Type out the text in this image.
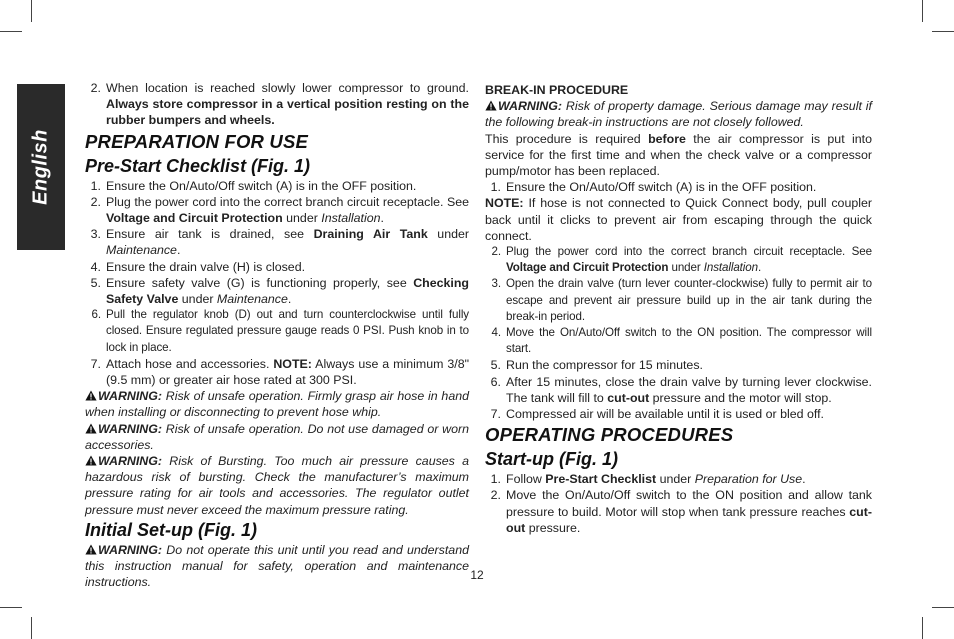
English
2. When location is reached slowly lower compressor to ground. Always store compressor in a vertical position resting on the rubber bumpers and wheels.
PREPARATION FOR USE
Pre-Start Checklist (Fig. 1)
1. Ensure the On/Auto/Off switch (A) is in the OFF position.
2. Plug the power cord into the correct branch circuit receptacle. See Voltage and Circuit Protection under Installation.
3. Ensure air tank is drained, see Draining Air Tank under Maintenance.
4. Ensure the drain valve (H) is closed.
5. Ensure safety valve (G) is functioning properly, see Checking Safety Valve under Maintenance.
6. Pull the regulator knob (D) out and turn counterclockwise until fully closed. Ensure regulated pressure gauge reads 0 PSI. Push knob in to lock in place.
7. Attach hose and accessories. NOTE: Always use a minimum 3/8" (9.5 mm) or greater air hose rated at 300 PSI.

WARNING: Risk of unsafe operation. Firmly grasp air hose in hand when installing or disconnecting to prevent hose whip.

WARNING: Risk of unsafe operation. Do not use damaged or worn accessories.

WARNING: Risk of Bursting. Too much air pressure causes a hazardous risk of bursting. Check the manufacturer’s maximum pressure rating for air tools and accessories. The regulator outlet pressure must never exceed the maximum pressure rating.

Initial Set-up (Fig. 1)

WARNING: Do not operate this unit until you read and understand this instruction manual for safety, operation and maintenance instructions.

BREAK-IN PROCEDURE

WARNING: Risk of property damage. Serious damage may result if the following break-in instructions are not closely followed.

This procedure is required before the air compressor is put into service for the first time and when the check valve or a compressor pump/motor has been replaced.

1. Ensure the On/Auto/Off switch (A) is in the OFF position.

NOTE: If hose is not connected to Quick Connect body, pull coupler back until it clicks to prevent air from escaping through the quick connect.

2. Plug the power cord into the correct branch circuit receptacle. See Voltage and Circuit Protection under Installation.
3. Open the drain valve (turn lever counter-clockwise) fully to permit air to escape and prevent air pressure build up in the air tank during the break-in period.
4. Move the On/Auto/Off switch to the ON position. The compressor will start.
5. Run the compressor for 15 minutes.
6. After 15 minutes, close the drain valve by turning lever clockwise. The tank will fill to cut-out pressure and the motor will stop.
7. Compressed air will be available until it is used or bled off.
OPERATING PROCEDURES
Start-up (Fig. 1)
1. Follow Pre-Start Checklist under Preparation for Use.
2. Move the On/Auto/Off switch to the ON position and allow tank pressure to build. Motor will stop when tank pressure reaches cut-out pressure.
12
